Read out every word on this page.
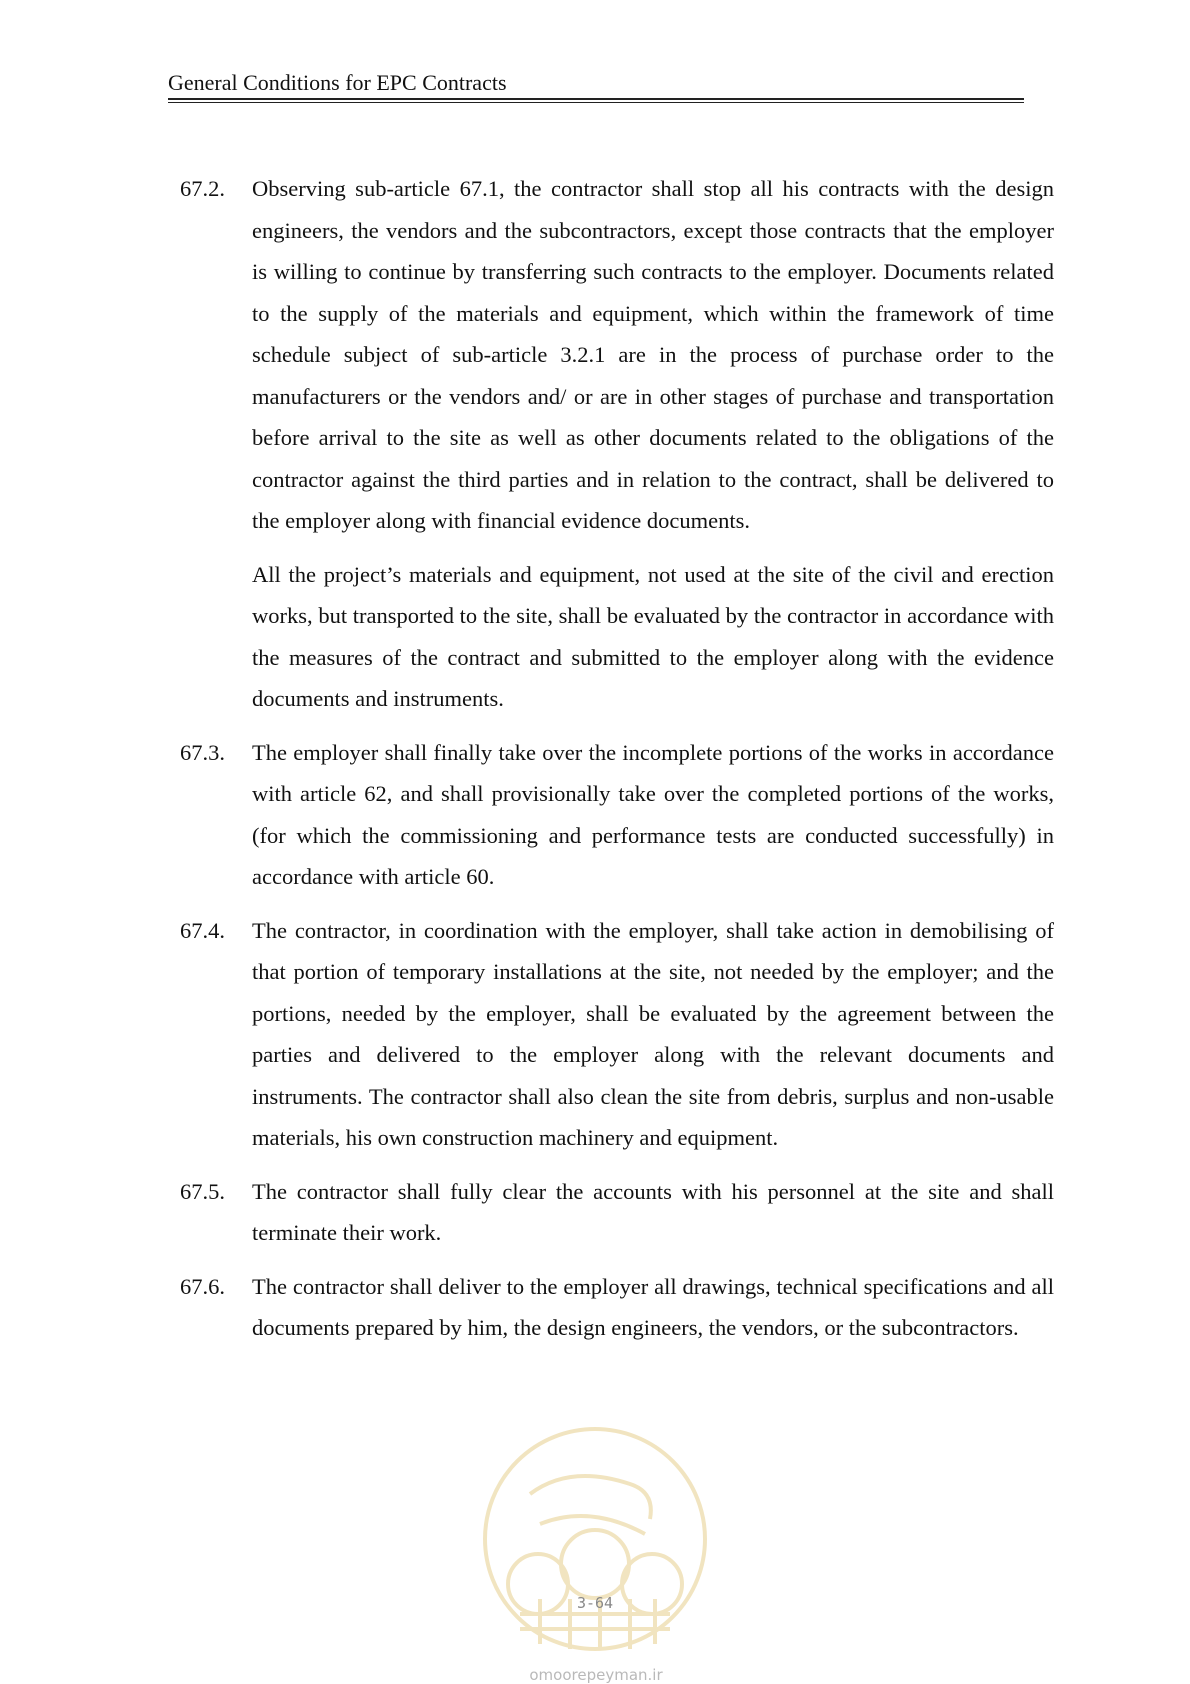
General Conditions for EPC Contracts
67.2.	Observing sub-article 67.1, the contractor shall stop all his contracts with the design engineers, the vendors and the subcontractors, except those contracts that the employer is willing to continue by transferring such contracts to the employer. Documents related to the supply of the materials and equipment, which within the framework of time schedule subject of sub-article 3.2.1 are in the process of purchase order to the manufacturers or the vendors and/ or are in other stages of purchase and transportation before arrival to the site as well as other documents related to the obligations of the contractor against the third parties and in relation to the contract, shall be delivered to the employer along with financial evidence documents.

All the project’s materials and equipment, not used at the site of the civil and erection works, but transported to the site, shall be evaluated by the contractor in accordance with the measures of the contract and submitted to the employer along with the evidence documents and instruments.

67.3.	The employer shall finally take over the incomplete portions of the works in accordance with article 62, and shall provisionally take over the completed portions of the works, (for which the commissioning and performance tests are conducted successfully) in accordance with article 60.

67.4.	The contractor, in coordination with the employer, shall take action in demobilising of that portion of temporary installations at the site, not needed by the employer; and the portions, needed by the employer, shall be evaluated by the agreement between the parties and delivered to the employer along with the relevant documents and instruments. The contractor shall also clean the site from debris, surplus and non-usable materials, his own construction machinery and equipment.

67.5.	The contractor shall fully clear the accounts with his personnel at the site and shall terminate their work.

67.6.	The contractor shall deliver to the employer all drawings, technical specifications and all documents prepared by him, the design engineers, the vendors, or the subcontractors.

3-64
omoorepeyman.ir
